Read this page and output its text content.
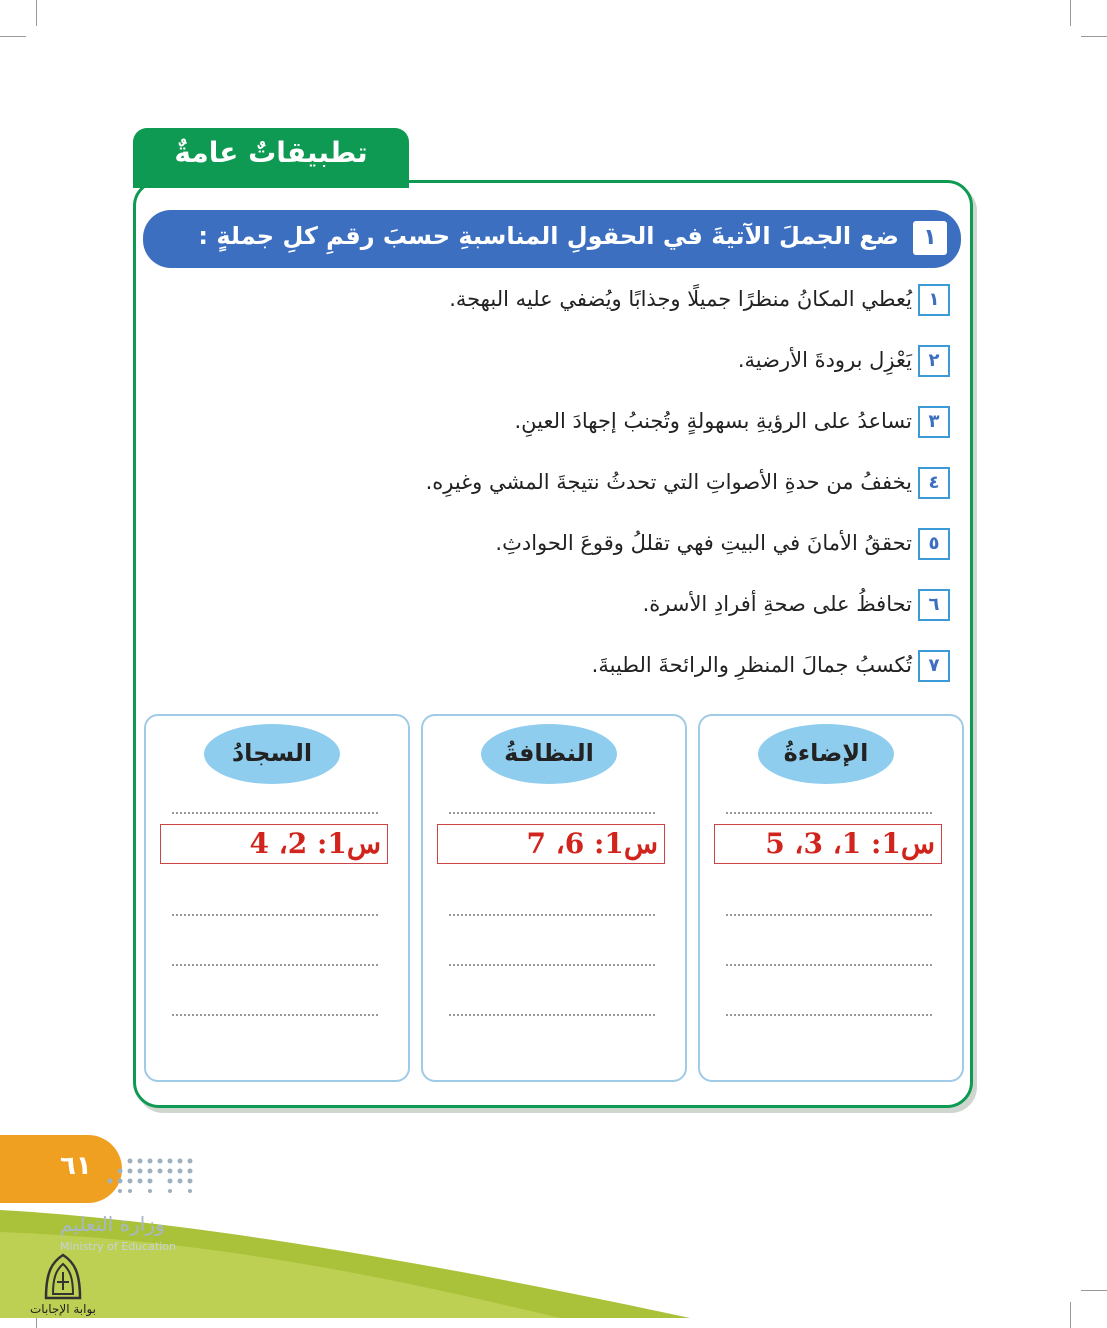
تطبيقاتٌ عامةٌ
١
ضع الجملَ الآتيةَ في الحقولِ المناسبةِ حسبَ رقمِ كلِ جملةٍ :
١يُعطي المكانُ منظرًا جميلًا وجذابًا ويُضفي عليه البهجة.
٢يَعْزِل برودةَ الأرضية.
٣تساعدُ على الرؤيةِ بسهولةٍ وتُجنبُ إجهادَ العينِ.
٤يخففُ من حدةِ الأصواتِ التي تحدثُ نتيجةَ المشي وغيرِه.
٥تحققُ الأمانَ في البيتِ فهي تقللُ وقوعَ الحوادثِ.
٦تحافظُ على صحةِ أفرادِ الأسرة.
٧تُكسبُ جمالَ المنظرِ والرائحةَ الطيبةَ.
الإضاءةُ
س1: 1، 3، 5
النظافةُ
س1: 6، 7
السجادُ
س1: 2، 4
٦١
وزارة التعليم
Ministry of Education
بوابة الإجابات
